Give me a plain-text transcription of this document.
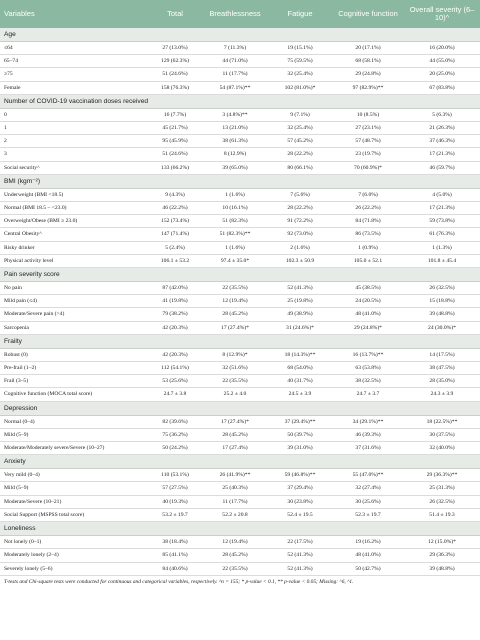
Variables	Total	Breathlessness	Fatigue	Cognitive function	Overall severity (6–10)^
Age					
≤64	27 (13.0%)	7 (11.3%)	19 (15.1%)	20 (17.1%)	16 (20.0%)
65–74	129 (62.3%)	44 (71.0%)	75 (59.5%)	68 (58.1%)	44 (55.0%)
≥75	51 (24.6%)	11 (17.7%)	32 (25.4%)	29 (24.8%)	20 (25.0%)
Female	158 (76.3%)	54 (87.1%)**	102 (81.0%)*	97 (82.9%)**	67 (83.8%)
Number of COVID-19 vaccination doses received					
0	16 (7.7%)	3 (4.8%)**	9 (7.1%)	10 (8.5%)	5 (6.3%)
1	45 (21.7%)	13 (21.0%)	32 (25.4%)	27 (23.1%)	21 (26.3%)
2	95 (45.9%)	38 (61.3%)	57 (45.2%)	57 (48.7%)	37 (46.3%)
3	51 (24.6%)	8 (12.9%)	28 (22.2%)	23 (19.7%)	17 (21.3%)
Social security^	133 (66.2%)	39 (65.0%)	80 (66.1%)	70 (60.9%)*	46 (59.7%)
BMI (kgm⁻²)					
Underweight (BMI <18.5)	9 (4.3%)	1 (1.6%)	7 (5.6%)	7 (6.0%)	4 (5.0%)
Normal (BMI 18.5 – <23.0)	46 (22.2%)	10 (16.1%)	28 (22.2%)	26 (22.2%)	17 (21.3%)
Overweight/Obese (BMI ≥ 23.0)	152 (73.4%)	51 (82.3%)	91 (72.2%)	84 (71.8%)	59 (73.8%)
Central Obesity^	147 (71.4%)	51 (82.3%)**	92 (73.0%)	86 (73.5%)	61 (76.3%)
Risky drinker	5 (2.4%)	1 (1.6%)	2 (1.6%)	1 (0.9%)	1 (1.3%)
Physical activity level	106.1 ± 53.2	97.4 ± 35.0*	102.3 ± 50.9	105.0 ± 52.1	101.8 ± 45.4
Pain severity score					
No pain	87 (42.0%)	22 (35.5%)	52 (41.3%)	45 (38.5%)	26 (32.5%)
Mild pain (≤4)	41 (19.8%)	12 (19.4%)	25 (19.8%)	24 (20.5%)	15 (18.8%)
Moderate/Severe pain (>4)	79 (38.2%)	28 (45.2%)	49 (38.9%)	48 (41.0%)	39 (48.8%)
Sarcopenia	42 (20.3%)	17 (27.4%)*	31 (24.6%)*	29 (24.8%)*	24 (30.0%)*
Frailty					
Robust (0)	42 (20.3%)	8 (12.9%)*	18 (14.3%)**	16 (13.7%)**	14 (17.5%)
Pre-frail (1–2)	112 (54.1%)	32 (51.6%)	68 (54.0%)	63 (53.8%)	38 (47.5%)
Frail (3–5)	53 (25.6%)	22 (35.5%)	40 (31.7%)	38 (32.5%)	28 (35.0%)
Cognitive function (MOCA total score)	24.7 ± 3.8	25.2 ± 4.0	24.5 ± 3.9	24.7 ± 3.7	24.3 ± 3.9
Depression					
Normal (0–4)	82 (39.6%)	17 (27.4%)*	37 (29.4%)**	34 (29.1%)**	18 (22.5%)**
Mild (5–9)	75 (36.2%)	28 (45.2%)	50 (39.7%)	46 (39.3%)	30 (37.5%)
Moderate/Moderately severe/Severe (10–27)	50 (24.2%)	17 (27.4%)	39 (31.0%)	37 (31.6%)	32 (40.0%)
Anxiety					
Very mild (0–4)	110 (53.1%)	26 (41.9%)**	59 (46.8%)**	55 (47.0%)**	29 (36.3%)**
Mild (5–9)	57 (27.5%)	25 (40.3%)	37 (29.4%)	32 (27.4%)	25 (31.3%)
Moderate/Severe (10–21)	40 (19.3%)	11 (17.7%)	30 (23.8%)	30 (25.6%)	26 (32.5%)
Social Support (MSPSS total score)	53.2 ± 19.7	52.2 ± 20.8	52.4 ± 19.5	52.3 ± 19.7	51.4 ± 19.3
Loneliness					
Not lonely (0–1)	38 (18.4%)	12 (19.4%)	22 (17.5%)	19 (16.2%)	12 (15.0%)*
Moderately lonely (2–4)	85 (41.1%)	28 (45.2%)	52 (41.3%)	48 (41.0%)	29 (36.3%)
Severely lonely (5–6)	84 (40.6%)	22 (35.5%)	52 (41.3%)	50 (42.7%)	39 (48.8%)
T-tests and Chi-square tests were conducted for continuous and categorical variables, respectively. ^n = 155; * p-value < 0.1, ** p-value < 0.05; Missing: ^6, ^1.
